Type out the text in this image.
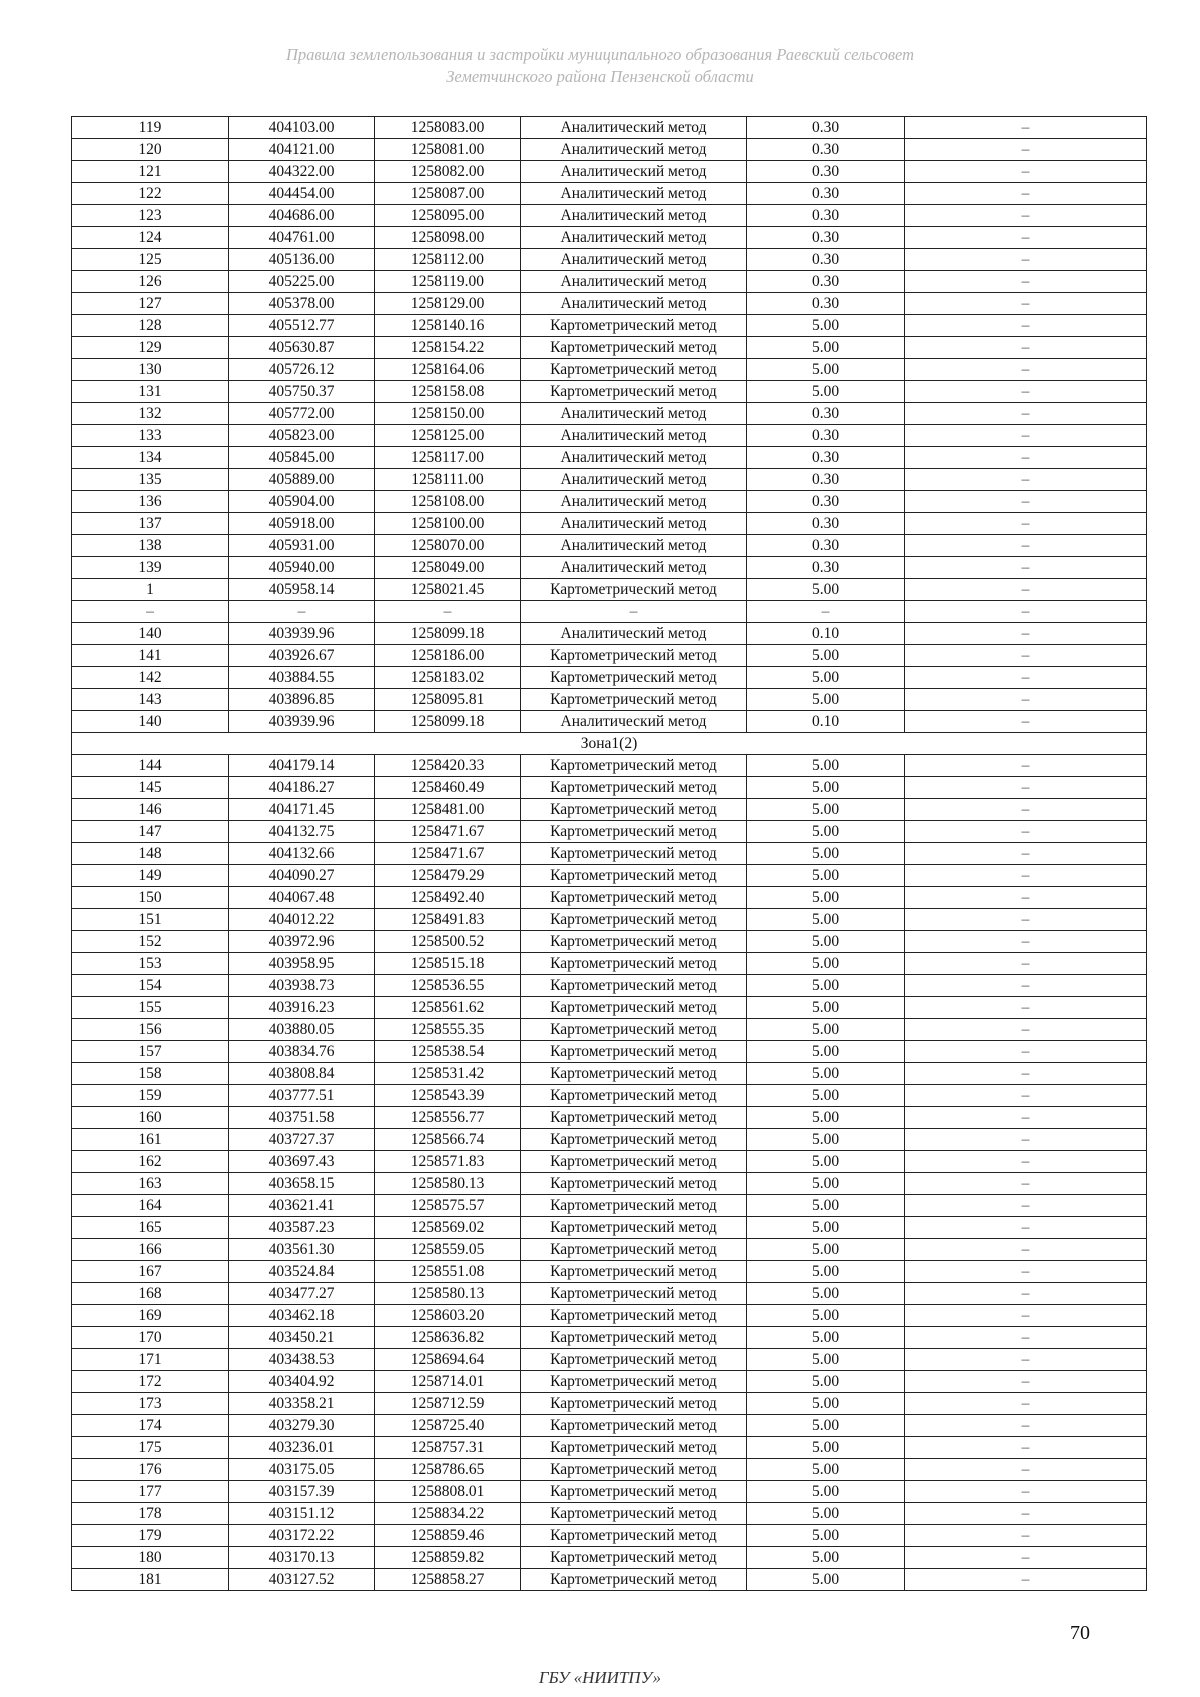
Правила землепользования и застройки муниципального образования Раевский сельсовет
Земетчинского района Пензенской области
119	404103.00	1258083.00	Аналитический метод	0.30	–
120	404121.00	1258081.00	Аналитический метод	0.30	–
121	404322.00	1258082.00	Аналитический метод	0.30	–
122	404454.00	1258087.00	Аналитический метод	0.30	–
123	404686.00	1258095.00	Аналитический метод	0.30	–
124	404761.00	1258098.00	Аналитический метод	0.30	–
125	405136.00	1258112.00	Аналитический метод	0.30	–
126	405225.00	1258119.00	Аналитический метод	0.30	–
127	405378.00	1258129.00	Аналитический метод	0.30	–
128	405512.77	1258140.16	Картометрический метод	5.00	–
129	405630.87	1258154.22	Картометрический метод	5.00	–
130	405726.12	1258164.06	Картометрический метод	5.00	–
131	405750.37	1258158.08	Картометрический метод	5.00	–
132	405772.00	1258150.00	Аналитический метод	0.30	–
133	405823.00	1258125.00	Аналитический метод	0.30	–
134	405845.00	1258117.00	Аналитический метод	0.30	–
135	405889.00	1258111.00	Аналитический метод	0.30	–
136	405904.00	1258108.00	Аналитический метод	0.30	–
137	405918.00	1258100.00	Аналитический метод	0.30	–
138	405931.00	1258070.00	Аналитический метод	0.30	–
139	405940.00	1258049.00	Аналитический метод	0.30	–
1	405958.14	1258021.45	Картометрический метод	5.00	–
–	–	–	–	–	–
140	403939.96	1258099.18	Аналитический метод	0.10	–
141	403926.67	1258186.00	Картометрический метод	5.00	–
142	403884.55	1258183.02	Картометрический метод	5.00	–
143	403896.85	1258095.81	Картометрический метод	5.00	–
140	403939.96	1258099.18	Аналитический метод	0.10	–
Зона1(2)					
144	404179.14	1258420.33	Картометрический метод	5.00	–
145	404186.27	1258460.49	Картометрический метод	5.00	–
146	404171.45	1258481.00	Картометрический метод	5.00	–
147	404132.75	1258471.67	Картометрический метод	5.00	–
148	404132.66	1258471.67	Картометрический метод	5.00	–
149	404090.27	1258479.29	Картометрический метод	5.00	–
150	404067.48	1258492.40	Картометрический метод	5.00	–
151	404012.22	1258491.83	Картометрический метод	5.00	–
152	403972.96	1258500.52	Картометрический метод	5.00	–
153	403958.95	1258515.18	Картометрический метод	5.00	–
154	403938.73	1258536.55	Картометрический метод	5.00	–
155	403916.23	1258561.62	Картометрический метод	5.00	–
156	403880.05	1258555.35	Картометрический метод	5.00	–
157	403834.76	1258538.54	Картометрический метод	5.00	–
158	403808.84	1258531.42	Картометрический метод	5.00	–
159	403777.51	1258543.39	Картометрический метод	5.00	–
160	403751.58	1258556.77	Картометрический метод	5.00	–
161	403727.37	1258566.74	Картометрический метод	5.00	–
162	403697.43	1258571.83	Картометрический метод	5.00	–
163	403658.15	1258580.13	Картометрический метод	5.00	–
164	403621.41	1258575.57	Картометрический метод	5.00	–
165	403587.23	1258569.02	Картометрический метод	5.00	–
166	403561.30	1258559.05	Картометрический метод	5.00	–
167	403524.84	1258551.08	Картометрический метод	5.00	–
168	403477.27	1258580.13	Картометрический метод	5.00	–
169	403462.18	1258603.20	Картометрический метод	5.00	–
170	403450.21	1258636.82	Картометрический метод	5.00	–
171	403438.53	1258694.64	Картометрический метод	5.00	–
172	403404.92	1258714.01	Картометрический метод	5.00	–
173	403358.21	1258712.59	Картометрический метод	5.00	–
174	403279.30	1258725.40	Картометрический метод	5.00	–
175	403236.01	1258757.31	Картометрический метод	5.00	–
176	403175.05	1258786.65	Картометрический метод	5.00	–
177	403157.39	1258808.01	Картометрический метод	5.00	–
178	403151.12	1258834.22	Картометрический метод	5.00	–
179	403172.22	1258859.46	Картометрический метод	5.00	–
180	403170.13	1258859.82	Картометрический метод	5.00	–
181	403127.52	1258858.27	Картометрический метод	5.00	–
70
ГБУ «НИИТПУ»
